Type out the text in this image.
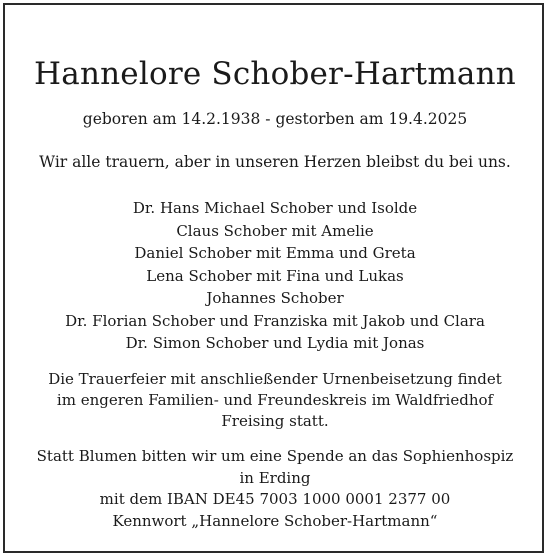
Hannelore Schober-Hartmann
geboren am 14.2.1938 - gestorben am 19.4.2025
Wir alle trauern, aber in unseren Herzen bleibst du bei uns.
Dr. Hans Michael Schober und Isolde
Claus Schober mit Amelie
Daniel Schober mit Emma und Greta
Lena Schober mit Fina und Lukas
Johannes Schober
Dr. Florian Schober und Franziska mit Jakob und Clara
Dr. Simon Schober und Lydia mit Jonas
Die Trauerfeier mit anschließender Urnenbeisetzung findet
im engeren Familien- und Freundeskreis im Waldfriedhof
Freising statt.
Statt Blumen bitten wir um eine Spende an das Sophienhospiz
in Erding
mit dem IBAN DE45 7003 1000 0001 2377 00
Kennwort „Hannelore Schober-Hartmann“
